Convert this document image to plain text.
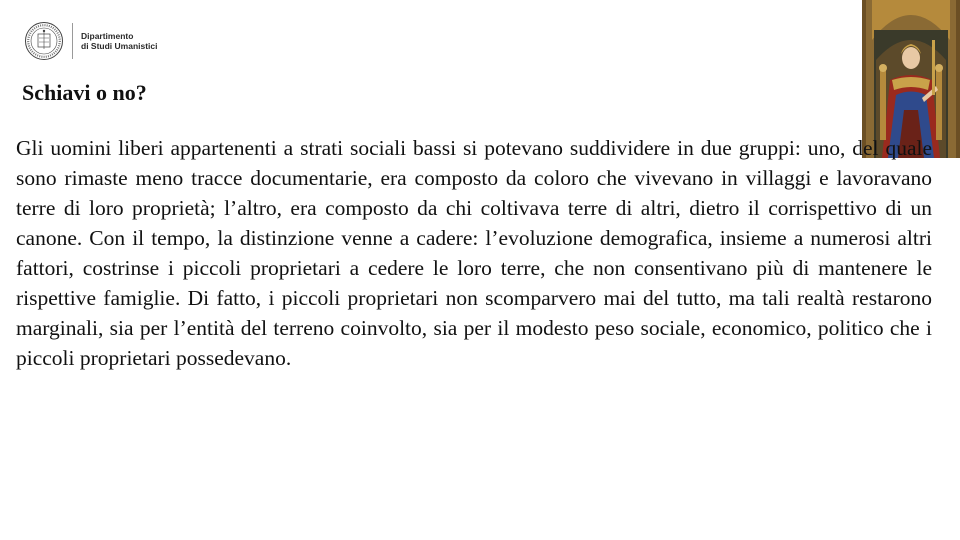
Dipartimento
di Studi Umanistici
Schiavi o no?

Gli uomini liberi appartenenti a strati sociali bassi si potevano suddividere in due gruppi: uno, del quale sono rimaste meno tracce documentarie, era composto da coloro che vivevano in villaggi e lavoravano terre di loro proprietà; l’altro, era composto da chi coltivava terre di altri, dietro il corrispettivo di un canone. Con il tempo, la distinzione venne a cadere: l’evoluzione demografica, insieme a numerosi altri fattori, costrinse i piccoli proprietari a cedere le loro terre, che non consentivano più di mantenere le rispettive famiglie. Di fatto, i piccoli proprietari non scomparvero mai del tutto, ma tali realtà restarono marginali, sia per l’entità del terreno coinvolto, sia per il modesto peso sociale, economico, politico che i piccoli proprietari possedevano.
